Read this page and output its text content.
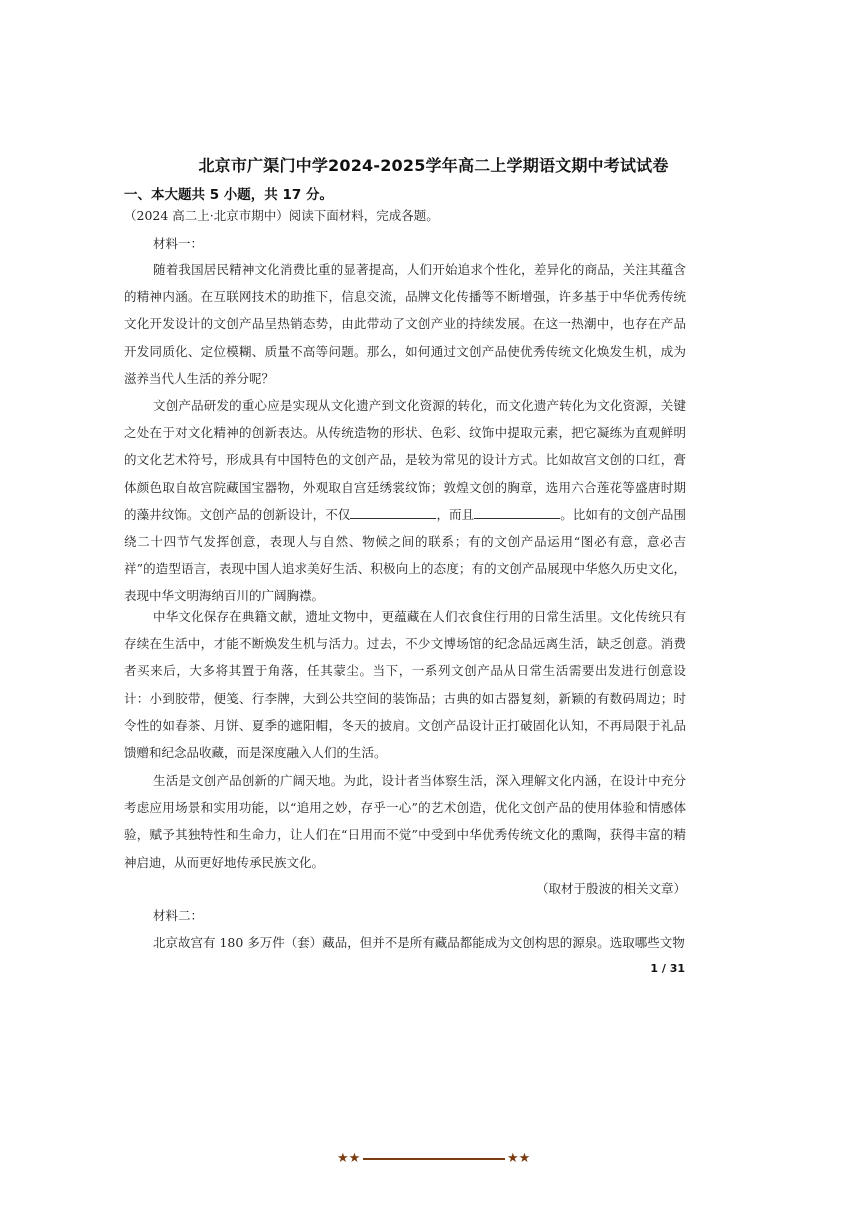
北京市广渠门中学2024-2025学年高二上学期语文期中考试试卷
一、本大题共 5 小题，共 17 分。
（2024 高二上·北京市期中）阅读下面材料，完成各题。
材料一：

随着我国居民精神文化消费比重的显著提高，人们开始追求个性化，差异化的商品，关注其蕴含的精神内涵。在互联网技术的助推下，信息交流，品牌文化传播等不断增强，许多基于中华优秀传统文化开发设计的文创产品呈热销态势，由此带动了文创产业的持续发展。在这一热潮中，也存在产品开发同质化、定位模糊、质量不高等问题。那么，如何通过文创产品使优秀传统文化焕发生机，成为滋养当代人生活的养分呢？

文创产品研发的重心应是实现从文化遗产到文化资源的转化，而文化遗产转化为文化资源，关键之处在于对文化精神的创新表达。从传统造物的形状、色彩、纹饰中提取元素，把它凝练为直观鲜明的文化艺术符号，形成具有中国特色的文创产品，是较为常见的设计方式。比如故宫文创的口红，膏体颜色取自故宫院藏国宝器物，外观取自宫廷绣裳纹饰；敦煌文创的胸章，选用六合莲花等盛唐时期的藻井纹饰。文创产品的创新设计，不仅	，而且	。比如有的文创产品围绕二十四节气发挥创意，表现人与自然、物候之间的联系；有的文创产品运用“图必有意，意必吉祥”的造型语言，表现中国人追求美好生活、积极向上的态度；有的文创产品展现中华悠久历史文化，表现中华文明海纳百川的广阔胸襟。

中华文化保存在典籍文献，遗址文物中，更蕴藏在人们衣食住行用的日常生活里。文化传统只有存续在生活中，才能不断焕发生机与活力。过去，不少文博场馆的纪念品远离生活，缺乏创意。消费者买来后，大多将其置于角落，任其蒙尘。当下，一系列文创产品从日常生活需要出发进行创意设计：小到胶带，便笺、行李牌，大到公共空间的装饰品；古典的如古器复刻，新颖的有数码周边；时令性的如春茶、月饼、夏季的遮阳帽，冬天的披肩。文创产品设计正打破固化认知，不再局限于礼品馈赠和纪念品收藏，而是深度融入人们的生活。

生活是文创产品创新的广阔天地。为此，设计者当体察生活，深入理解文化内涵，在设计中充分考虑应用场景和实用功能，以“追用之妙，存乎一心”的艺术创造，优化文创产品的使用体验和情感体验，赋予其独特性和生命力，让人们在“日用而不觉”中受到中华优秀传统文化的熏陶，获得丰富的精神启迪，从而更好地传承民族文化。

（取材于殷波的相关文章）
材料二：

北京故宫有 180 多万件（套）藏品，但并不是所有藏品都能成为文创构思的源泉。选取哪些文物

1 / 31
★★	★★
